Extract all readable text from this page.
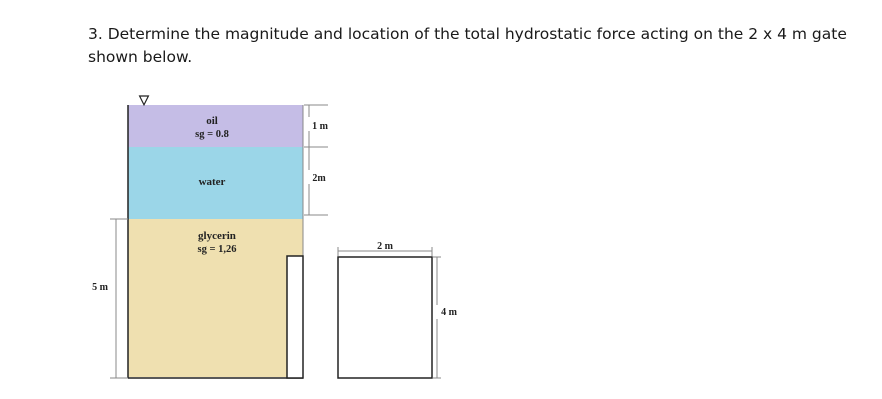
3. Determine the magnitude and location of the total hydrostatic force acting on the 2 x 4 m gate shown below.
▽
oil
sg = 0.8
water
glycerin
sg = 1,26
1 m
2m
5 m
2 m
4 m
